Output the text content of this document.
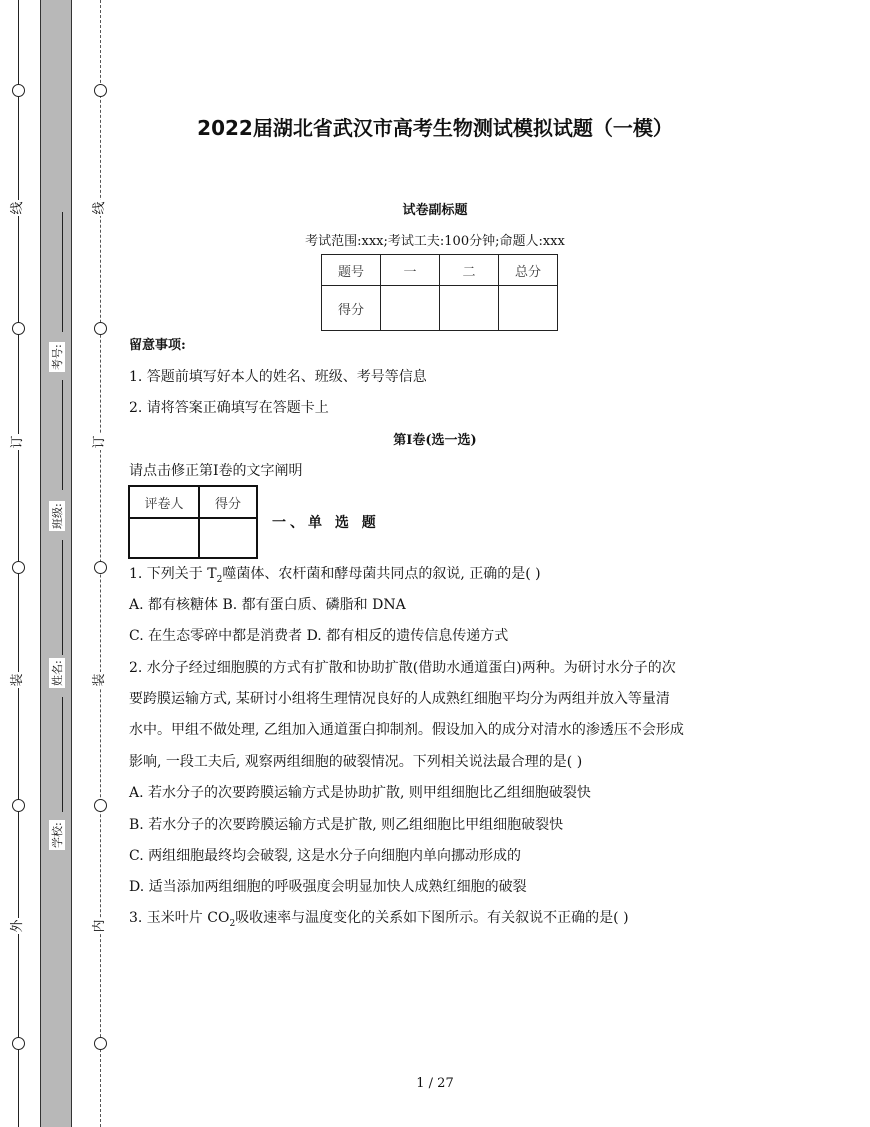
线
订
装
外
线
订
装
内
考号:
班级:
姓名:
学校:
2022届湖北省武汉市高考生物测试模拟试题（一模）
试卷副标题
考试范围:xxx;考试工夫:100分钟;命题人:xxx
题号	一	二	总分
得分			
留意事项:
1. 答题前填写好本人的姓名、班级、考号等信息
2. 请将答案正确填写在答题卡上
第I卷(选一选)
请点击修正第I卷的文字阐明
评卷人	得分

一、单 选 题
1. 下列关于 $T_2$噬菌体、农杆菌和酵母菌共同点的叙说, 正确的是( )
A. 都有核糖体 B. 都有蛋白质、磷脂和 DNA
C. 在生态零碎中都是消费者 D. 都有相反的遗传信息传递方式
2. 水分子经过细胞膜的方式有扩散和协助扩散(借助水通道蛋白)两种。为研讨水分子的次
要跨膜运输方式, 某研讨小组将生理情况良好的人成熟红细胞平均分为两组并放入等量清
水中。甲组不做处理, 乙组加入通道蛋白抑制剂。假设加入的成分对清水的渗透压不会形成
影响, 一段工夫后, 观察两组细胞的破裂情况。下列相关说法最合理的是( )
A. 若水分子的次要跨膜运输方式是协助扩散, 则甲组细胞比乙组细胞破裂快
B. 若水分子的次要跨膜运输方式是扩散, 则乙组细胞比甲组细胞破裂快
C. 两组细胞最终均会破裂, 这是水分子向细胞内单向挪动形成的
D. 适当添加两组细胞的呼吸强度会明显加快人成熟红细胞的破裂
3. 玉米叶片 $CO_2$吸收速率与温度变化的关系如下图所示。有关叙说不正确的是( )
1 / 27
